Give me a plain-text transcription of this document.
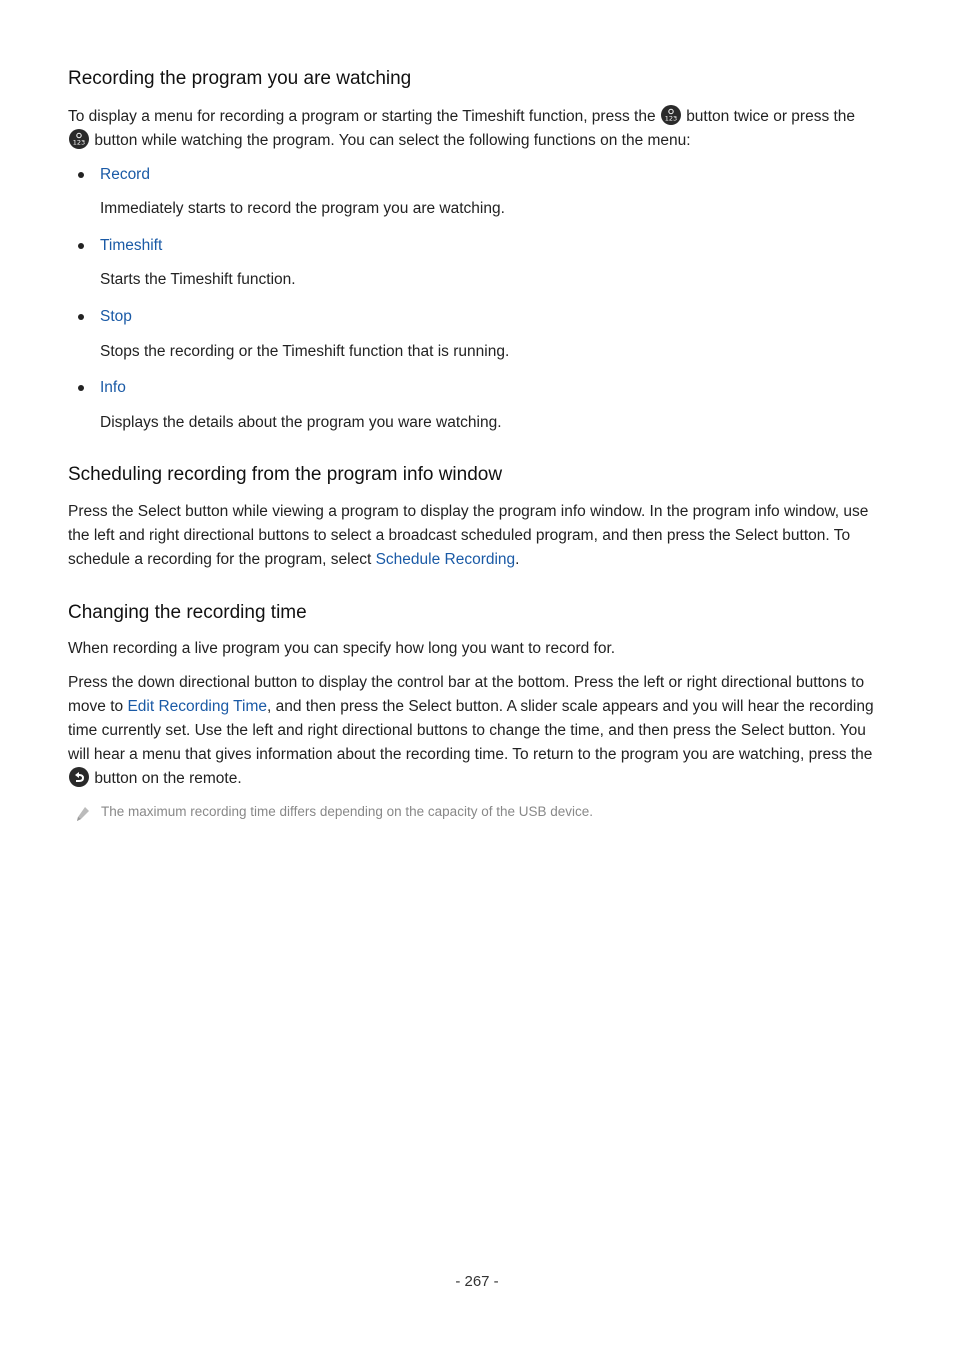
Recording the program you are watching

To display a menu for recording a program or starting the Timeshift function, press the 123 button twice or press the

123 button while watching the program. You can select the following functions on the menu:

Record
Immediately starts to record the program you are watching.
Timeshift
Starts the Timeshift function.
Stop
Stops the recording or the Timeshift function that is running.
Info
Displays the details about the program you ware watching.
Scheduling recording from the program info window

Press the Select button while viewing a program to display the program info window. In the program info window, use the left and right directional buttons to select a broadcast scheduled program, and then press the Select button. To schedule a recording for the program, select Schedule Recording.

Changing the recording time

When recording a live program you can specify how long you want to record for.

Press the down directional button to display the control bar at the bottom. Press the left or right directional buttons to move to Edit Recording Time, and then press the Select button. A slider scale appears and you will hear the recording time currently set. Use the left and right directional buttons to change the time, and then press the Select button. You will hear a menu that gives information about the recording time. To return to the program you are watching, press the
button on the remote.

The maximum recording time differs depending on the capacity of the USB device.
- 267 -
